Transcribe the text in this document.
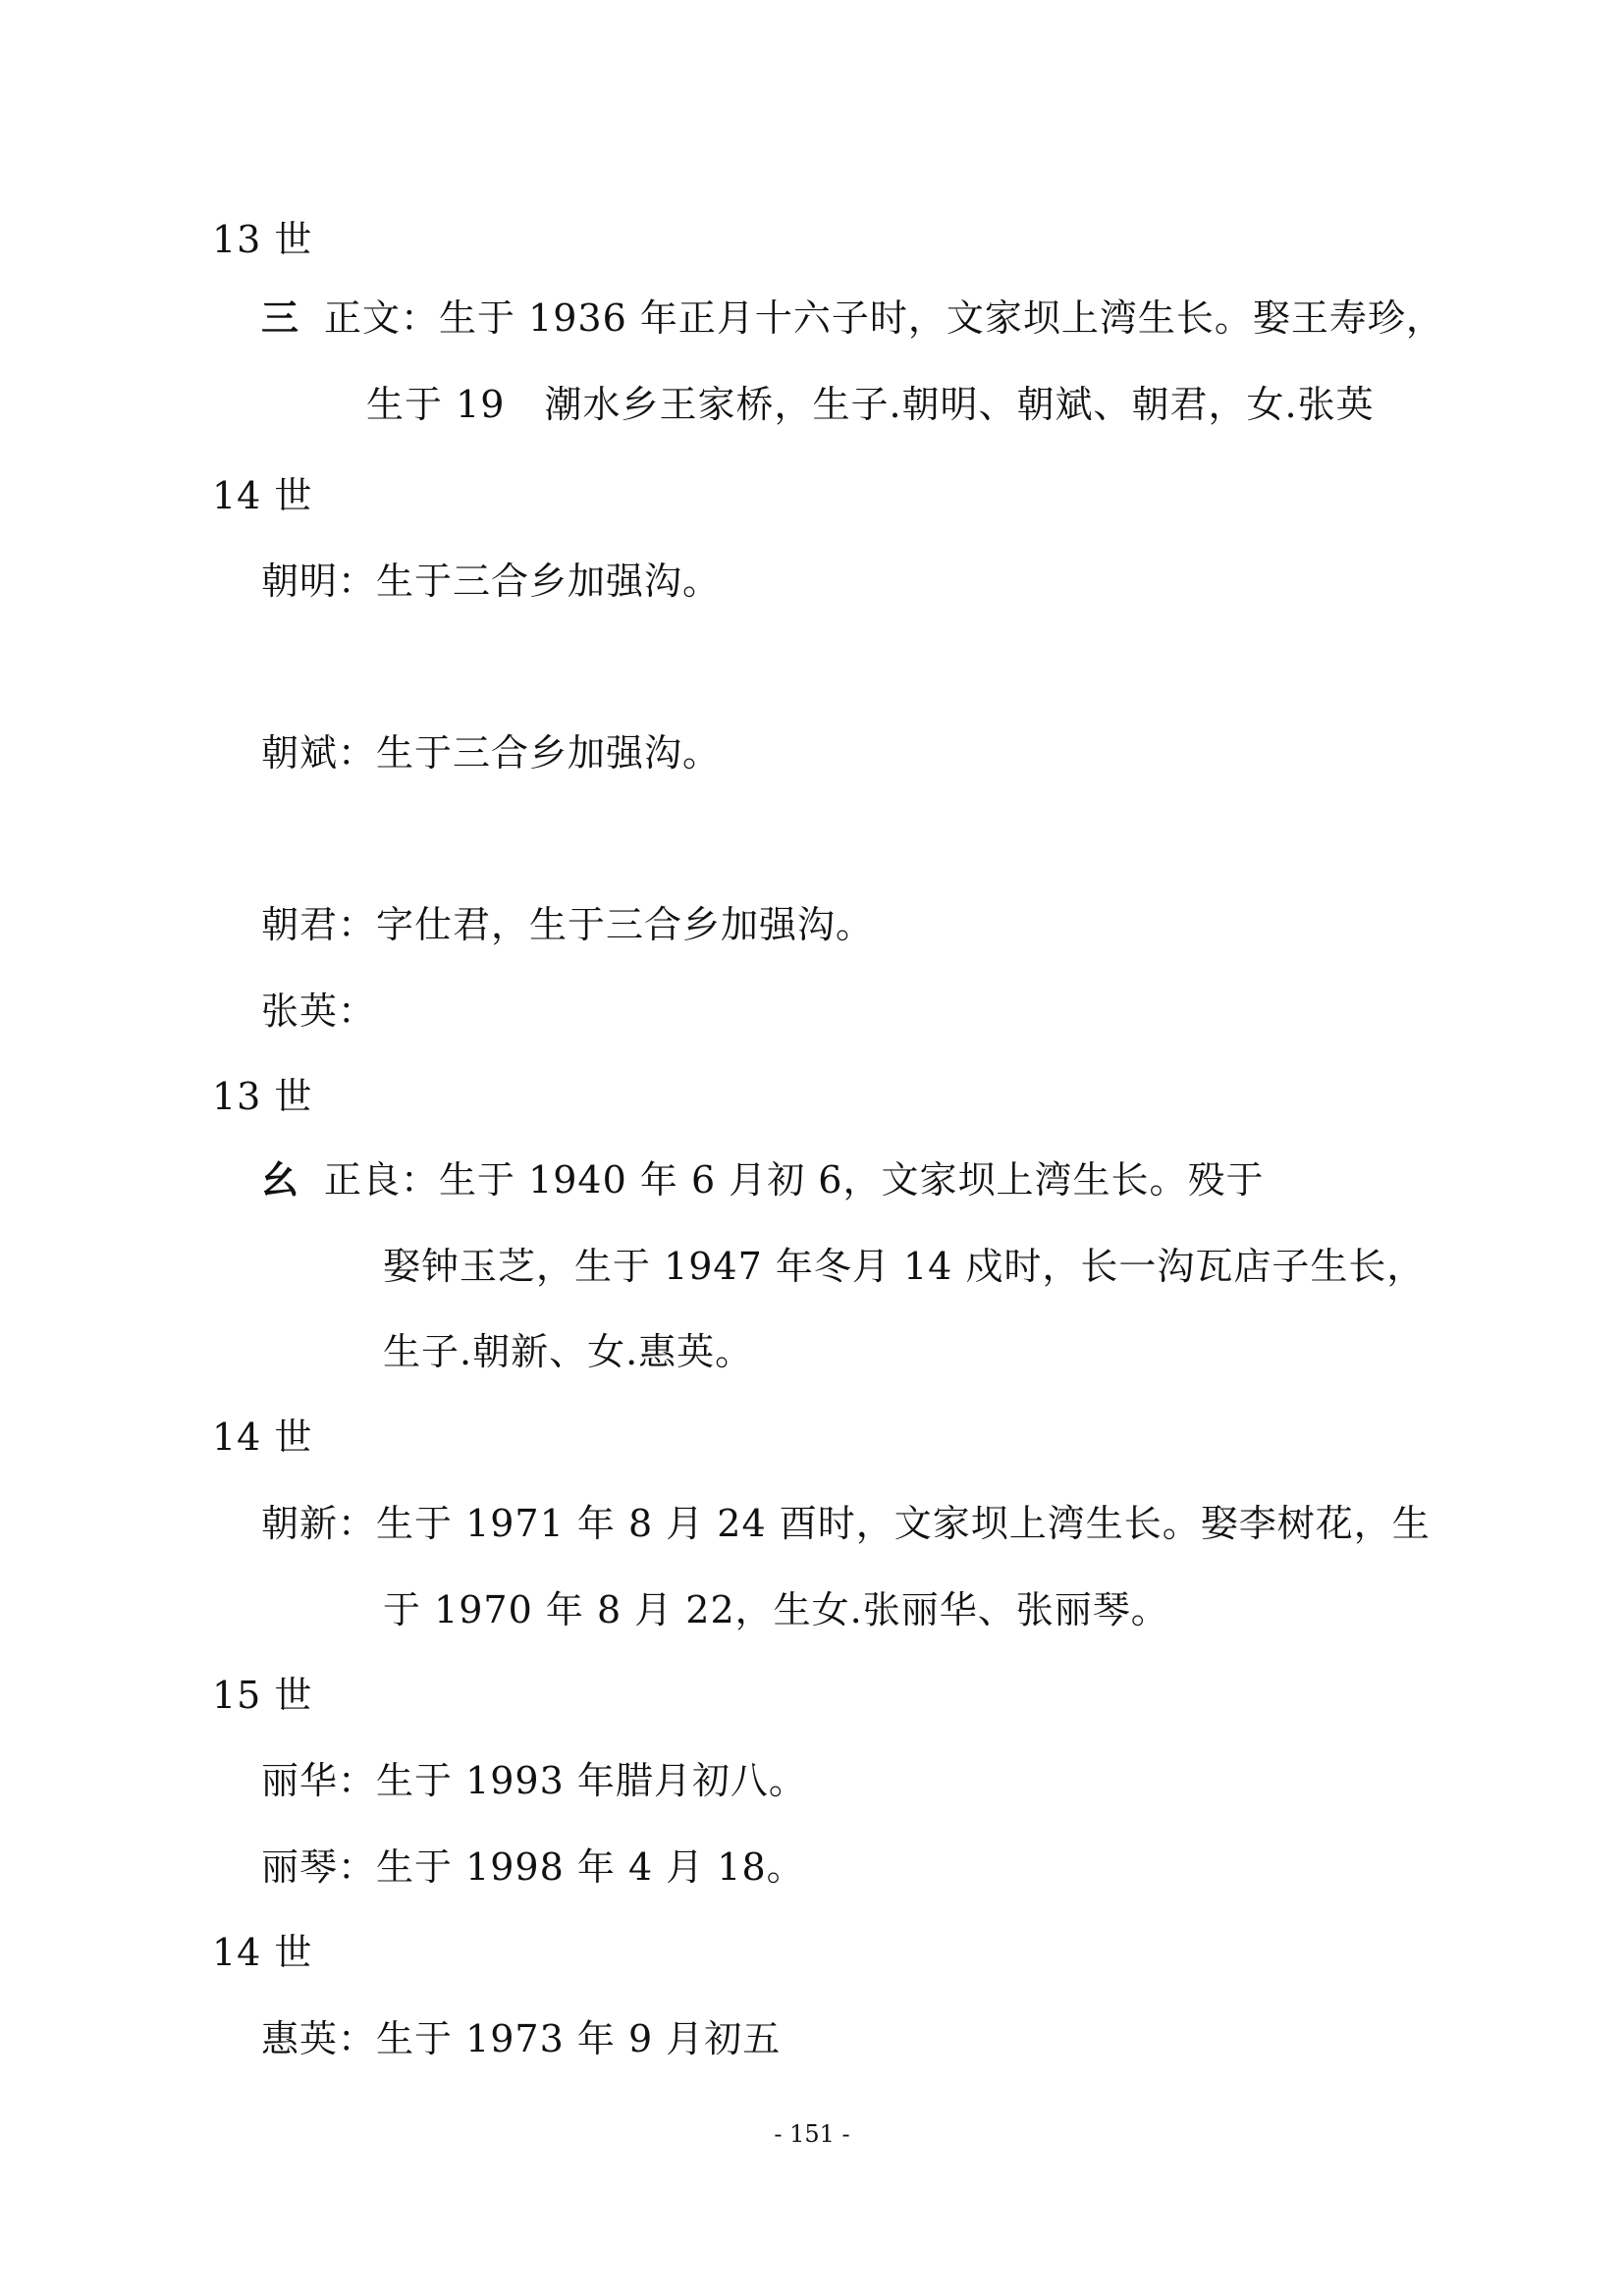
13 世
三 正文：生于 1936 年正月十六子时，文家坝上湾生长。娶王寿珍，
生于 19 潮水乡王家桥，生子.朝明、朝斌、朝君，女.张英
14 世
朝明：生于三合乡加强沟。
朝斌：生于三合乡加强沟。
朝君：字仕君，生于三合乡加强沟。
张英：
13 世
幺 正良：生于 1940 年 6 月初 6，文家坝上湾生长。殁于
娶钟玉芝，生于 1947 年冬月 14 戍时，长一沟瓦店子生长，
生子.朝新、女.惠英。
14 世
朝新：生于 1971 年 8 月 24 酉时，文家坝上湾生长。娶李树花，生
于 1970 年 8 月 22，生女.张丽华、张丽琴。
15 世
丽华：生于 1993 年腊月初八。
丽琴：生于 1998 年 4 月 18。
14 世
惠英：生于 1973 年 9 月初五
- 151 -
